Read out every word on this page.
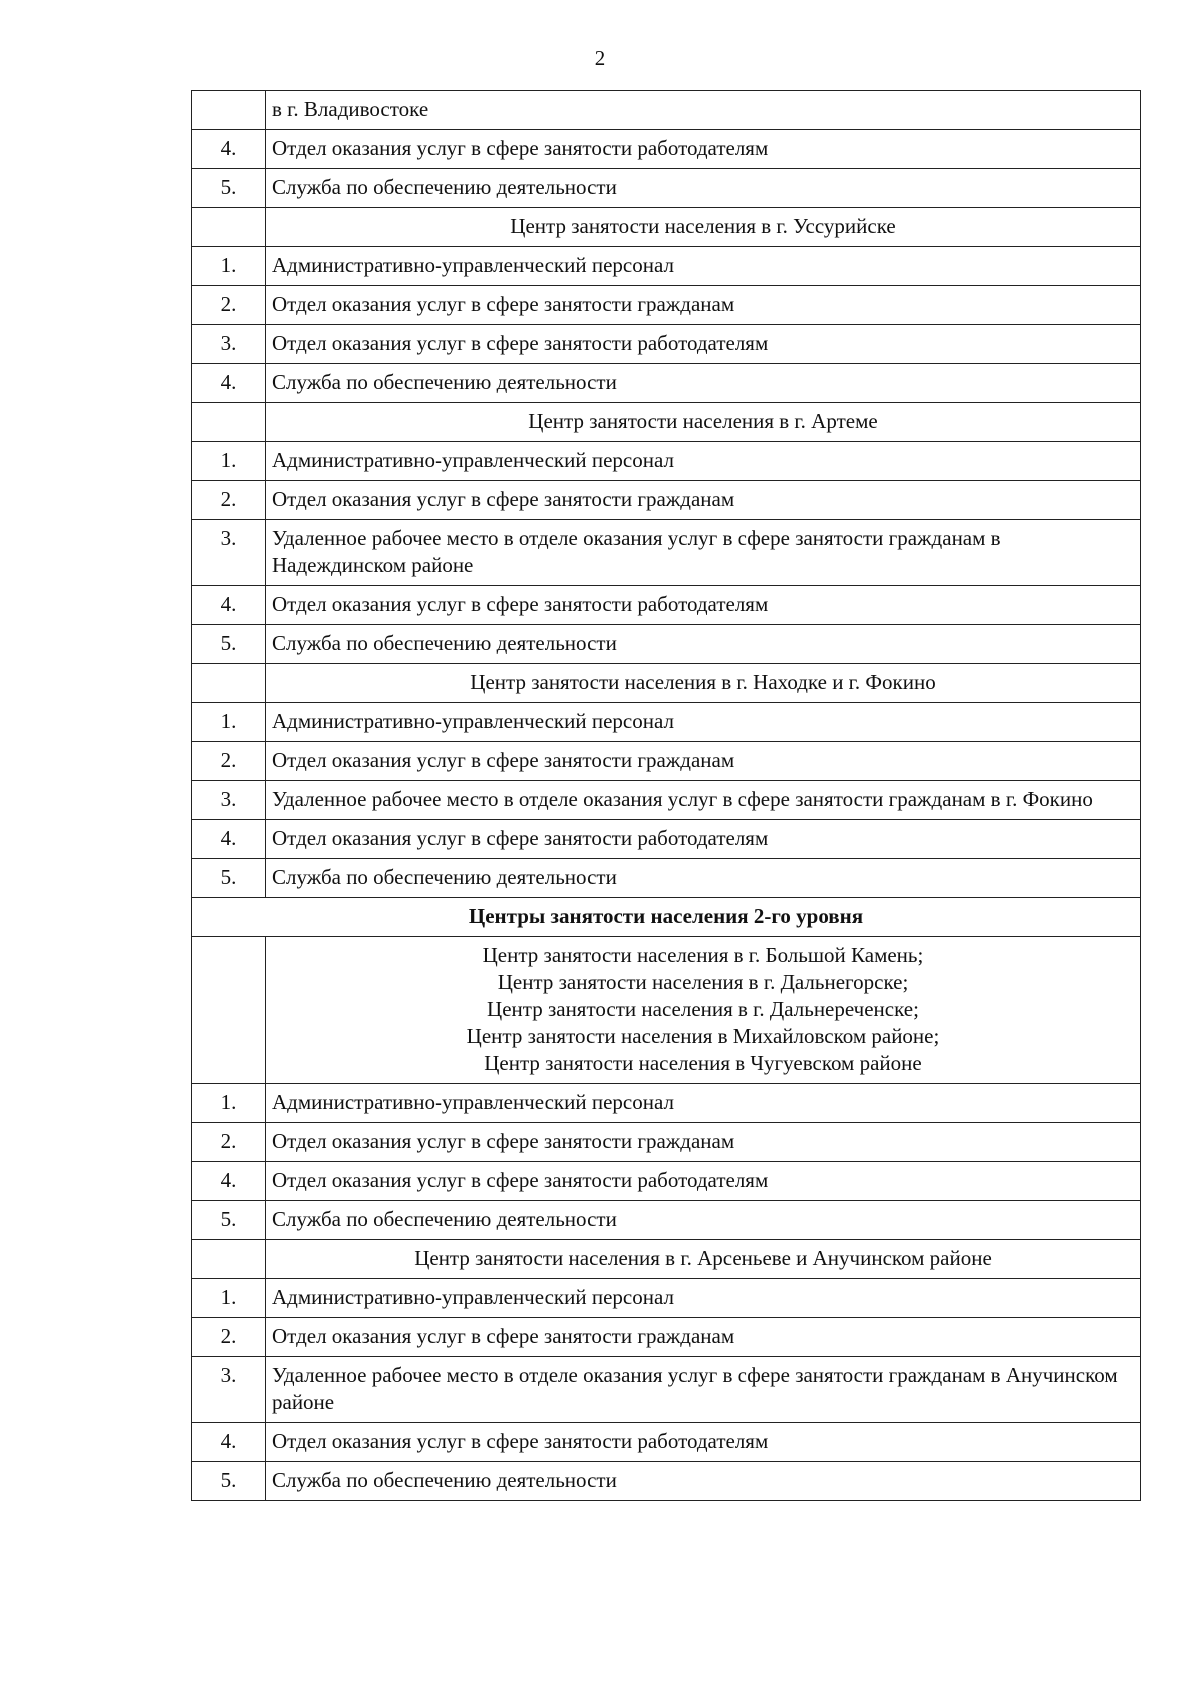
2
	в г. Владивостоке
4.	Отдел оказания услуг в сфере занятости работодателям
5.	Служба по обеспечению деятельности

	Центр занятости населения в г. Уссурийске

1.	Административно-управленческий персонал
2.	Отдел оказания услуг в сфере занятости гражданам
3.	Отдел оказания услуг в сфере занятости работодателям
4.	Служба по обеспечению деятельности

	Центр занятости населения в г. Артеме

1.	Административно-управленческий персонал
2.	Отдел оказания услуг в сфере занятости гражданам
3.	Удаленное рабочее место в отделе оказания услуг в сфере занятости гражданам в Надеждинском районе
4.	Отдел оказания услуг в сфере занятости работодателям
5.	Служба по обеспечению деятельности

	Центр занятости населения в г. Находке и г. Фокино

1.	Административно-управленческий персонал
2.	Отдел оказания услуг в сфере занятости гражданам
3.	Удаленное рабочее место в отделе оказания услуг в сфере занятости гражданам в г. Фокино
4.	Отдел оказания услуг в сфере занятости работодателям
5.	Служба по обеспечению деятельности
Центры занятости населения 2-го уровня	

	Центр занятости населения в г. Большой Камень;
Центр занятости населения в г. Дальнегорске;
Центр занятости населения в г. Дальнереченске;
Центр занятости населения в Михайловском районе;
Центр занятости населения в Чугуевском районе

1.	Административно-управленческий персонал
2.	Отдел оказания услуг в сфере занятости гражданам
4.	Отдел оказания услуг в сфере занятости работодателям
5.	Служба по обеспечению деятельности

	Центр занятости населения в г. Арсеньеве и Анучинском районе

1.	Административно-управленческий персонал
2.	Отдел оказания услуг в сфере занятости гражданам
3.	Удаленное рабочее место в отделе оказания услуг в сфере занятости гражданам в Анучинском районе
4.	Отдел оказания услуг в сфере занятости работодателям
5.	Служба по обеспечению деятельности
